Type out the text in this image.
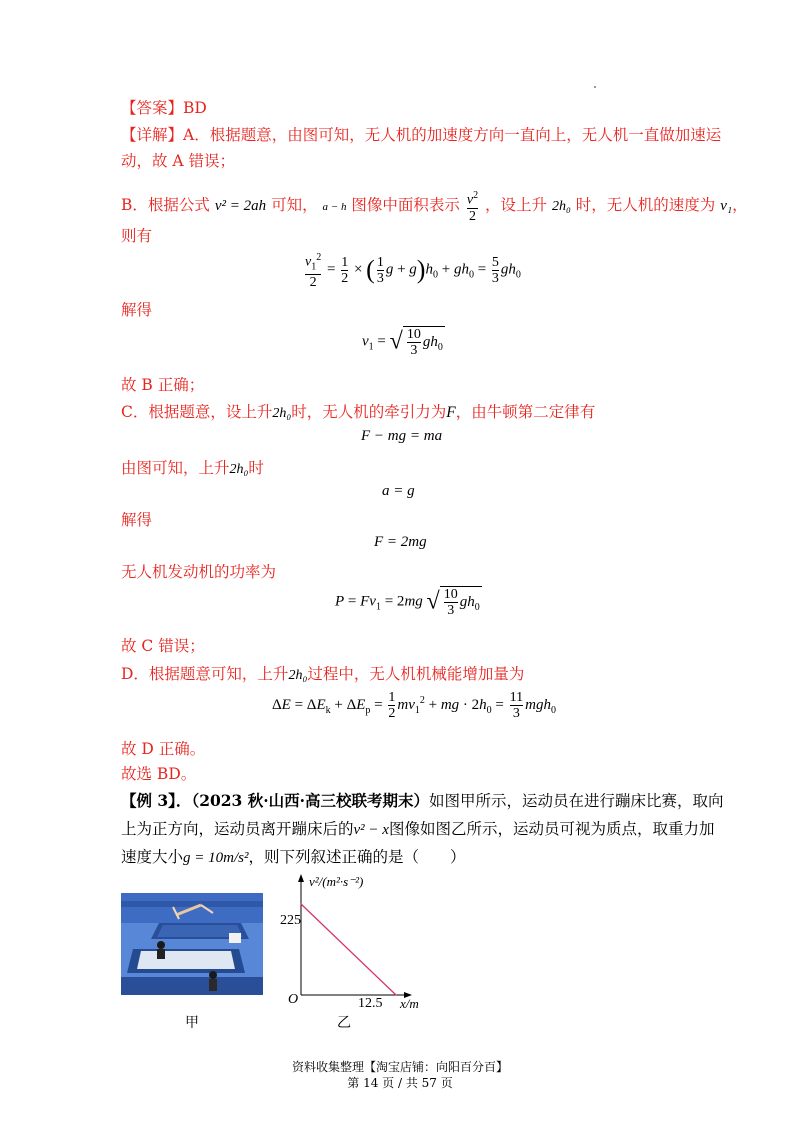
【答案】BD
【详解】A．根据题意，由图可知，无人机的加速度方向一直向上，无人机一直做加速运
动，故 A 错误；
B．根据公式 v² = 2ah 可知， a − h 图像中面积表示 $\frac{v^2}{2}$ ，设上升 2h₀ 时，无人机的速度为 v₁，
则有
$\frac{v_1^2}{2} = \frac{1}{2}$ × ( $\frac{1}{3}$ $g + g)h_0 + gh_0 = \frac{5}{3} gh_0$
解得
$v_1$ = √ $\frac{10}{3} gh_0$
故 B 正确；
C．根据题意，设上升2h₀时，无人机的牵引力为F，由牛顿第二定律有
F − mg = ma
由图可知，上升2h₀时
a = g
解得
F = 2mg
无人机发动机的功率为
$P = Fv_1 = 2mg$ √ $\frac{10}{3} gh_0$
故 C 错误；
D．根据题意可知，上升2h₀过程中，无人机机械能增加量为
$\Delta E = \Delta E_k + \Delta E_p = \frac{1}{2} mv_1^2$ + mg · $2h_0 = \frac{11}{3} mgh_0$
故 D 正确。
故选 BD。
【例 3】．（2023 秋·山西·高三校联考期末）如图甲所示，运动员在进行蹦床比赛，取向
上为正方向，运动员离开蹦床后的v² − x图像如图乙所示，运动员可视为质点，取重力加
速度大小g = 10m/s²，则下列叙述正确的是（　　）
甲
v²/(m²·s⁻²)
x/m
O
225
12.5
乙
资料收集整理【淘宝店铺：向阳百分百】
第 14 页 / 共 57 页
